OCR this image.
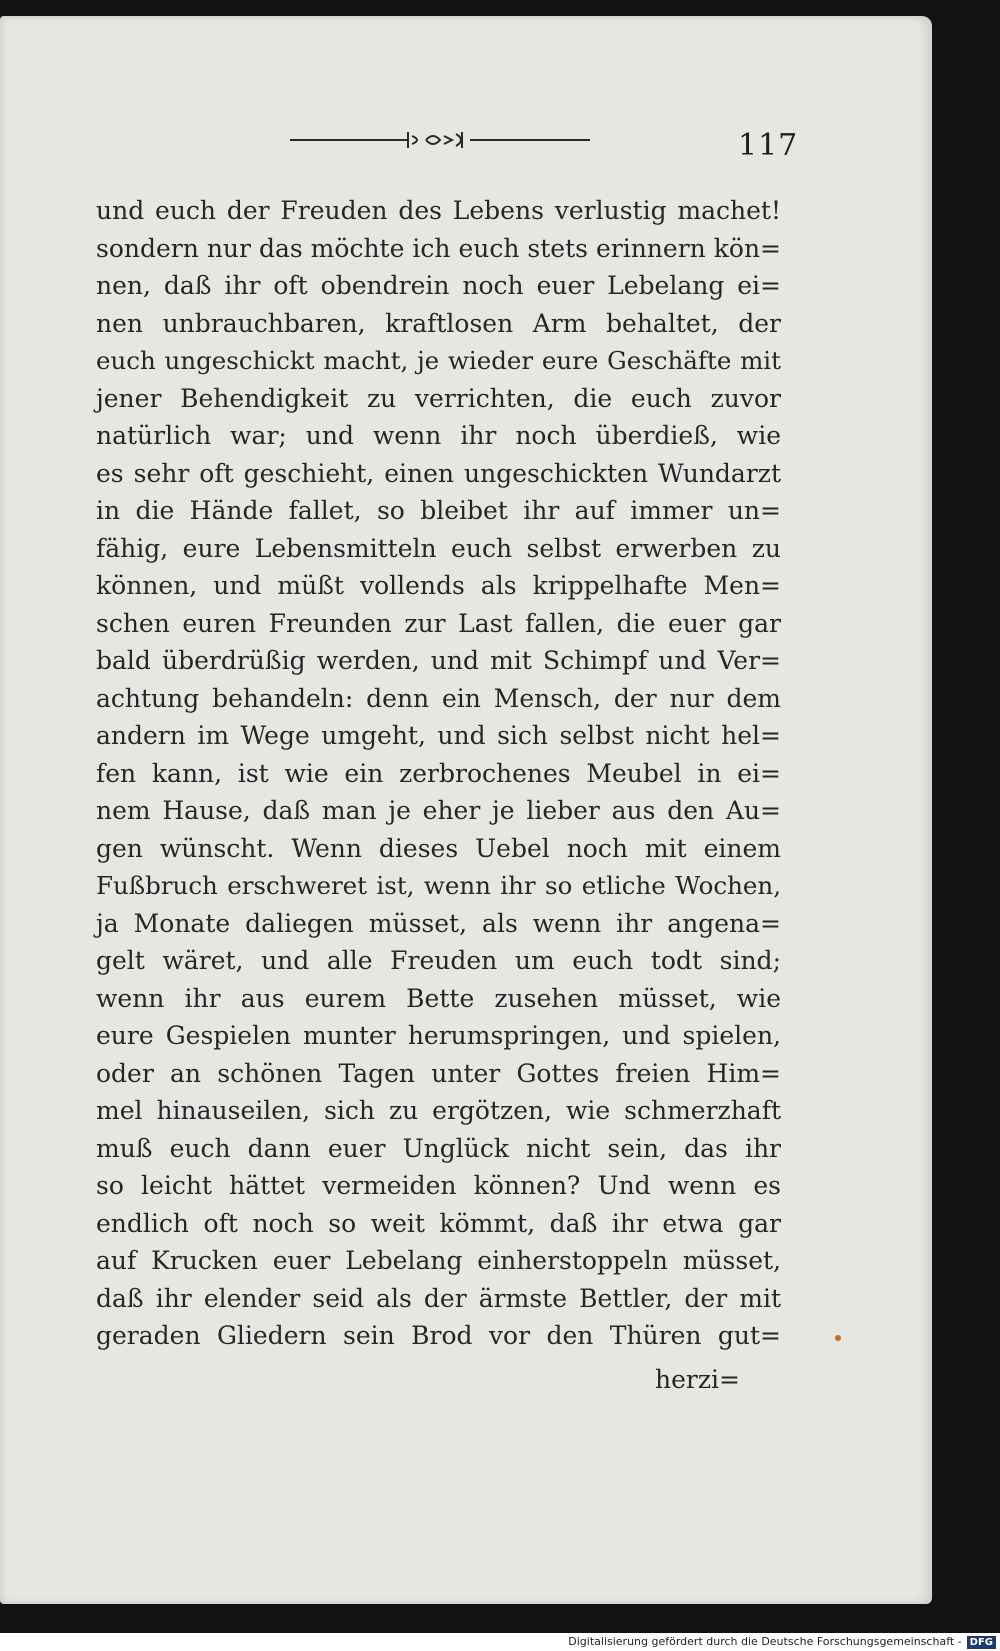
117
und euch der Freuden des Lebens verlustig machet!
sondern nur das möchte ich euch stets erinnern kön=
nen, daß ihr oft obendrein noch euer Lebelang ei=
nen unbrauchbaren, kraftlosen Arm behaltet, der
euch ungeschickt macht, je wieder eure Geschäfte mit
jener Behendigkeit zu verrichten, die euch zuvor
natürlich war; und wenn ihr noch überdieß, wie
es sehr oft geschieht, einen ungeschickten Wundarzt
in die Hände fallet, so bleibet ihr auf immer un=
fähig, eure Lebensmitteln euch selbst erwerben zu
können, und müßt vollends als krippelhafte Men=
schen euren Freunden zur Last fallen, die euer gar
bald überdrüßig werden, und mit Schimpf und Ver=
achtung behandeln: denn ein Mensch, der nur dem
andern im Wege umgeht, und sich selbst nicht hel=
fen kann, ist wie ein zerbrochenes Meubel in ei=
nem Hause, daß man je eher je lieber aus den Au=
gen wünscht. Wenn dieses Uebel noch mit einem
Fußbruch erschweret ist, wenn ihr so etliche Wochen,
ja Monate daliegen müsset, als wenn ihr angena=
gelt wäret, und alle Freuden um euch todt sind;
wenn ihr aus eurem Bette zusehen müsset, wie
eure Gespielen munter herumspringen, und spielen,
oder an schönen Tagen unter Gottes freien Him=
mel hinauseilen, sich zu ergötzen, wie schmerzhaft
muß euch dann euer Unglück nicht sein, das ihr
so leicht hättet vermeiden können? Und wenn es
endlich oft noch so weit kömmt, daß ihr etwa gar
auf Krucken euer Lebelang einherstoppeln müsset,
daß ihr elender seid als der ärmste Bettler, der mit
geraden Gliedern sein Brod vor den Thüren gut=
herzi=
Digitalisierung gefördert durch die Deutsche Forschungsgemeinschaft - DFG
